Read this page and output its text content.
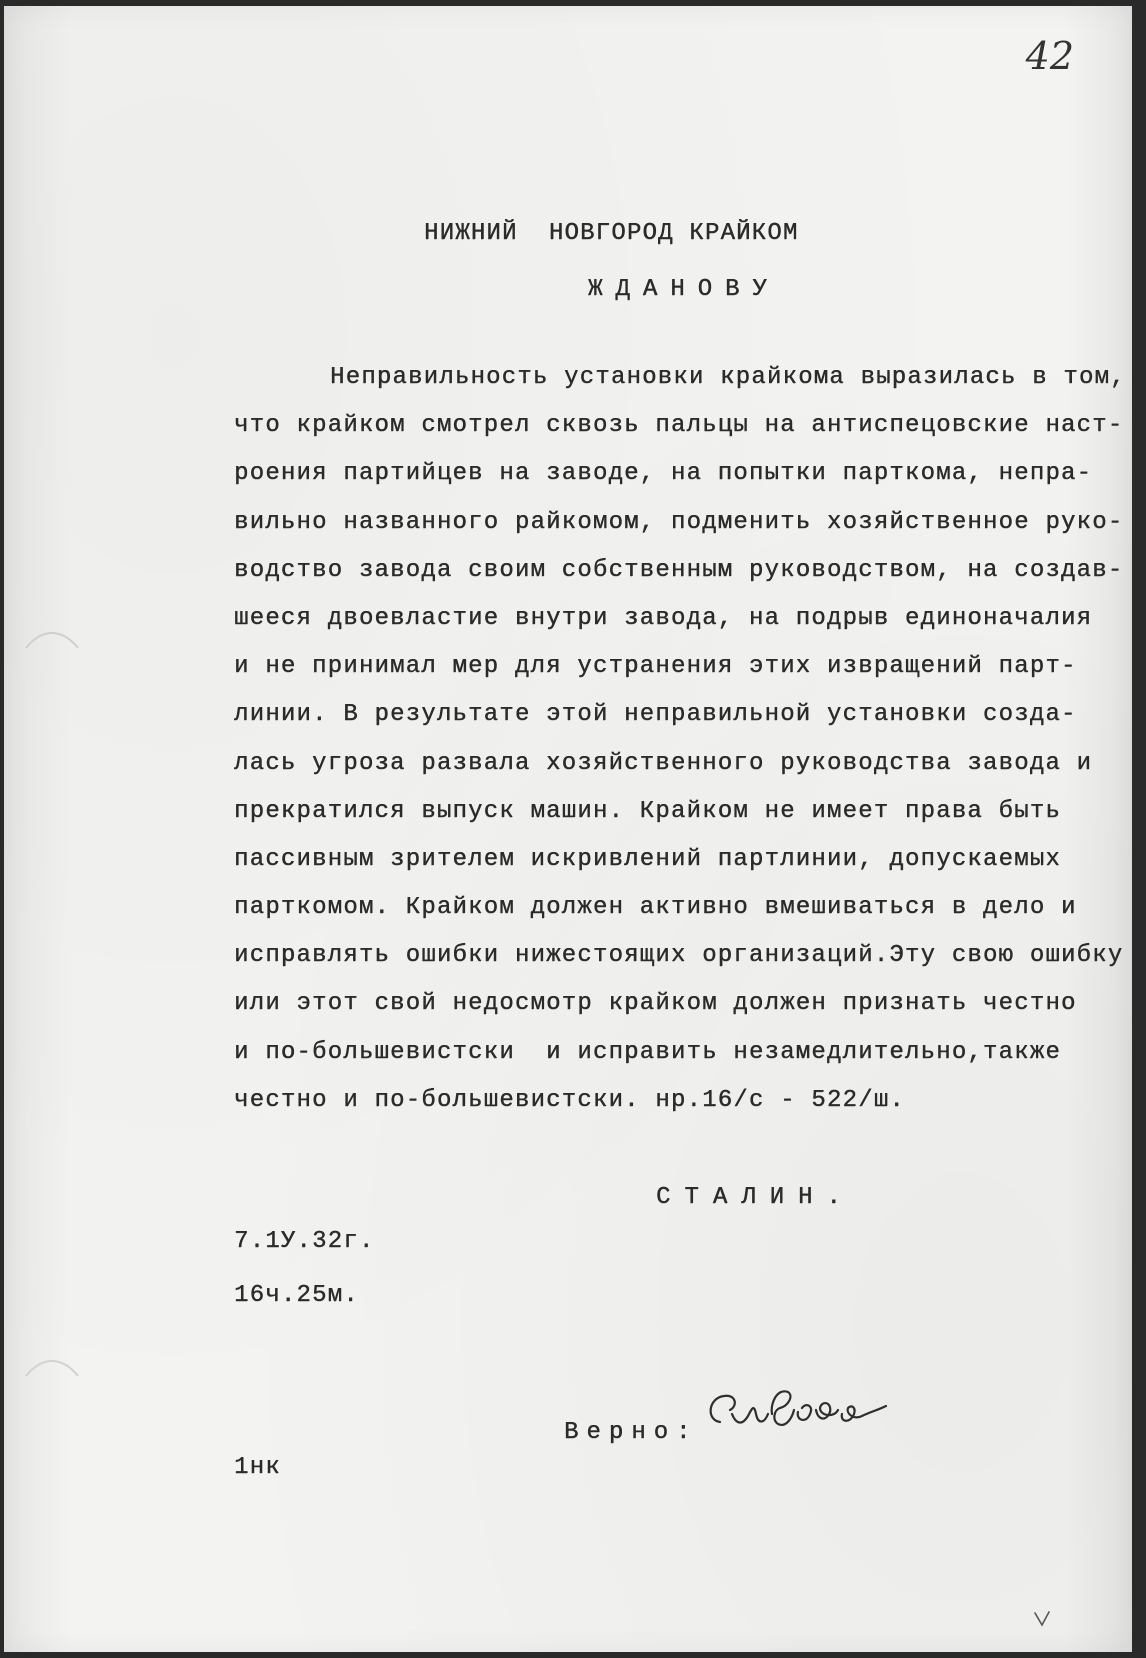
42
НИЖНИЙ  НОВГОРОД КРАЙКОМ
ЖДАНОВУ
Неправильность установки крайкома выразилась в том,
что крайком смотрел сквозь пальцы на антиспецовские наст-
роения партийцев на заводе, на попытки парткома, непра-
вильно названного райкомом, подменить хозяйственное руко-
водство завода своим собственным руководством, на создав-
шееся двоевластие внутри завода, на подрыв единоначалия
и не принимал мер для устранения этих извращений парт-
линии. В результате этой неправильной установки созда-
лась угроза развала хозяйственного руководства завода и
прекратился выпуск машин. Крайком не имеет права быть
пассивным зрителем искривлений партлинии, допускаемых
парткомом. Крайком должен активно вмешиваться в дело и
исправлять ошибки нижестоящих организаций.Эту свою ошибку
или этот свой недосмотр крайком должен признать честно
и по-большевистски  и исправить незамедлительно,также
честно и по-большевистски. нр.16/с - 522/ш.
СТАЛИН.
7.1У.32г.
16ч.25м.
Верно:
1нк
